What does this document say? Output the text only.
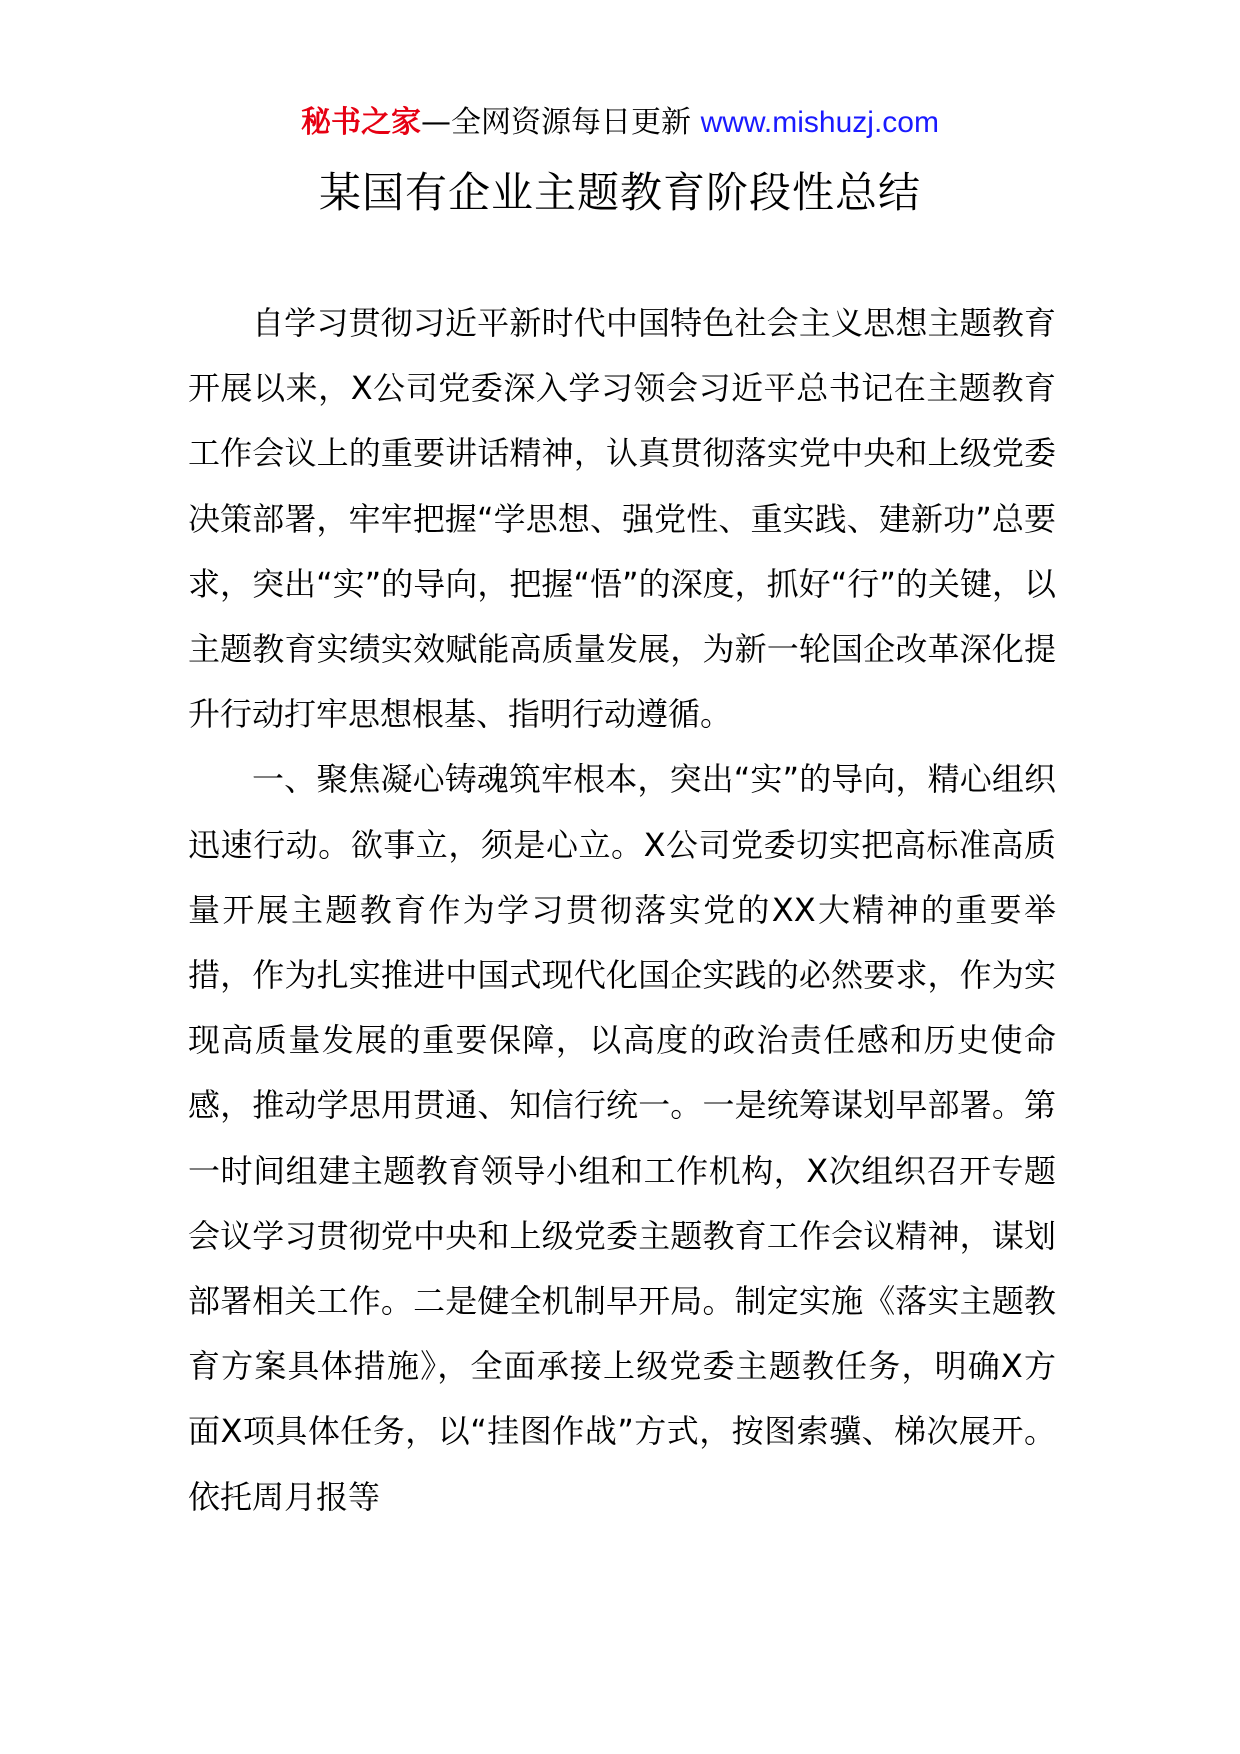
秘书之家—全网资源每日更新 www.mishuzj.com
某国有企业主题教育阶段性总结

自学习贯彻习近平新时代中国特色社会主义思想主题教育开展以来，X公司党委深入学习领会习近平总书记在主题教育工作会议上的重要讲话精神，认真贯彻落实党中央和上级党委决策部署，牢牢把握“学思想、强党性、重实践、建新功”总要求，突出“实”的导向，把握“悟”的深度，抓好“行”的关键，以主题教育实绩实效赋能高质量发展，为新一轮国企改革深化提升行动打牢思想根基、指明行动遵循。

一、聚焦凝心铸魂筑牢根本，突出“实”的导向，精心组织迅速行动。欲事立，须是心立。X公司党委切实把高标准高质量开展主题教育作为学习贯彻落实党的XX大精神的重要举措，作为扎实推进中国式现代化国企实践的必然要求，作为实现高质量发展的重要保障，以高度的政治责任感和历史使命感，推动学思用贯通、知信行统一。一是统筹谋划早部署。第一时间组建主题教育领导小组和工作机构，X次组织召开专题会议学习贯彻党中央和上级党委主题教育工作会议精神，谋划部署相关工作。二是健全机制早开局。制定实施《落实主题教育方案具体措施》，全面承接上级党委主题教任务，明确X方面X项具体任务，以“挂图作战”方式，按图索骥、梯次展开。依托周月报等
